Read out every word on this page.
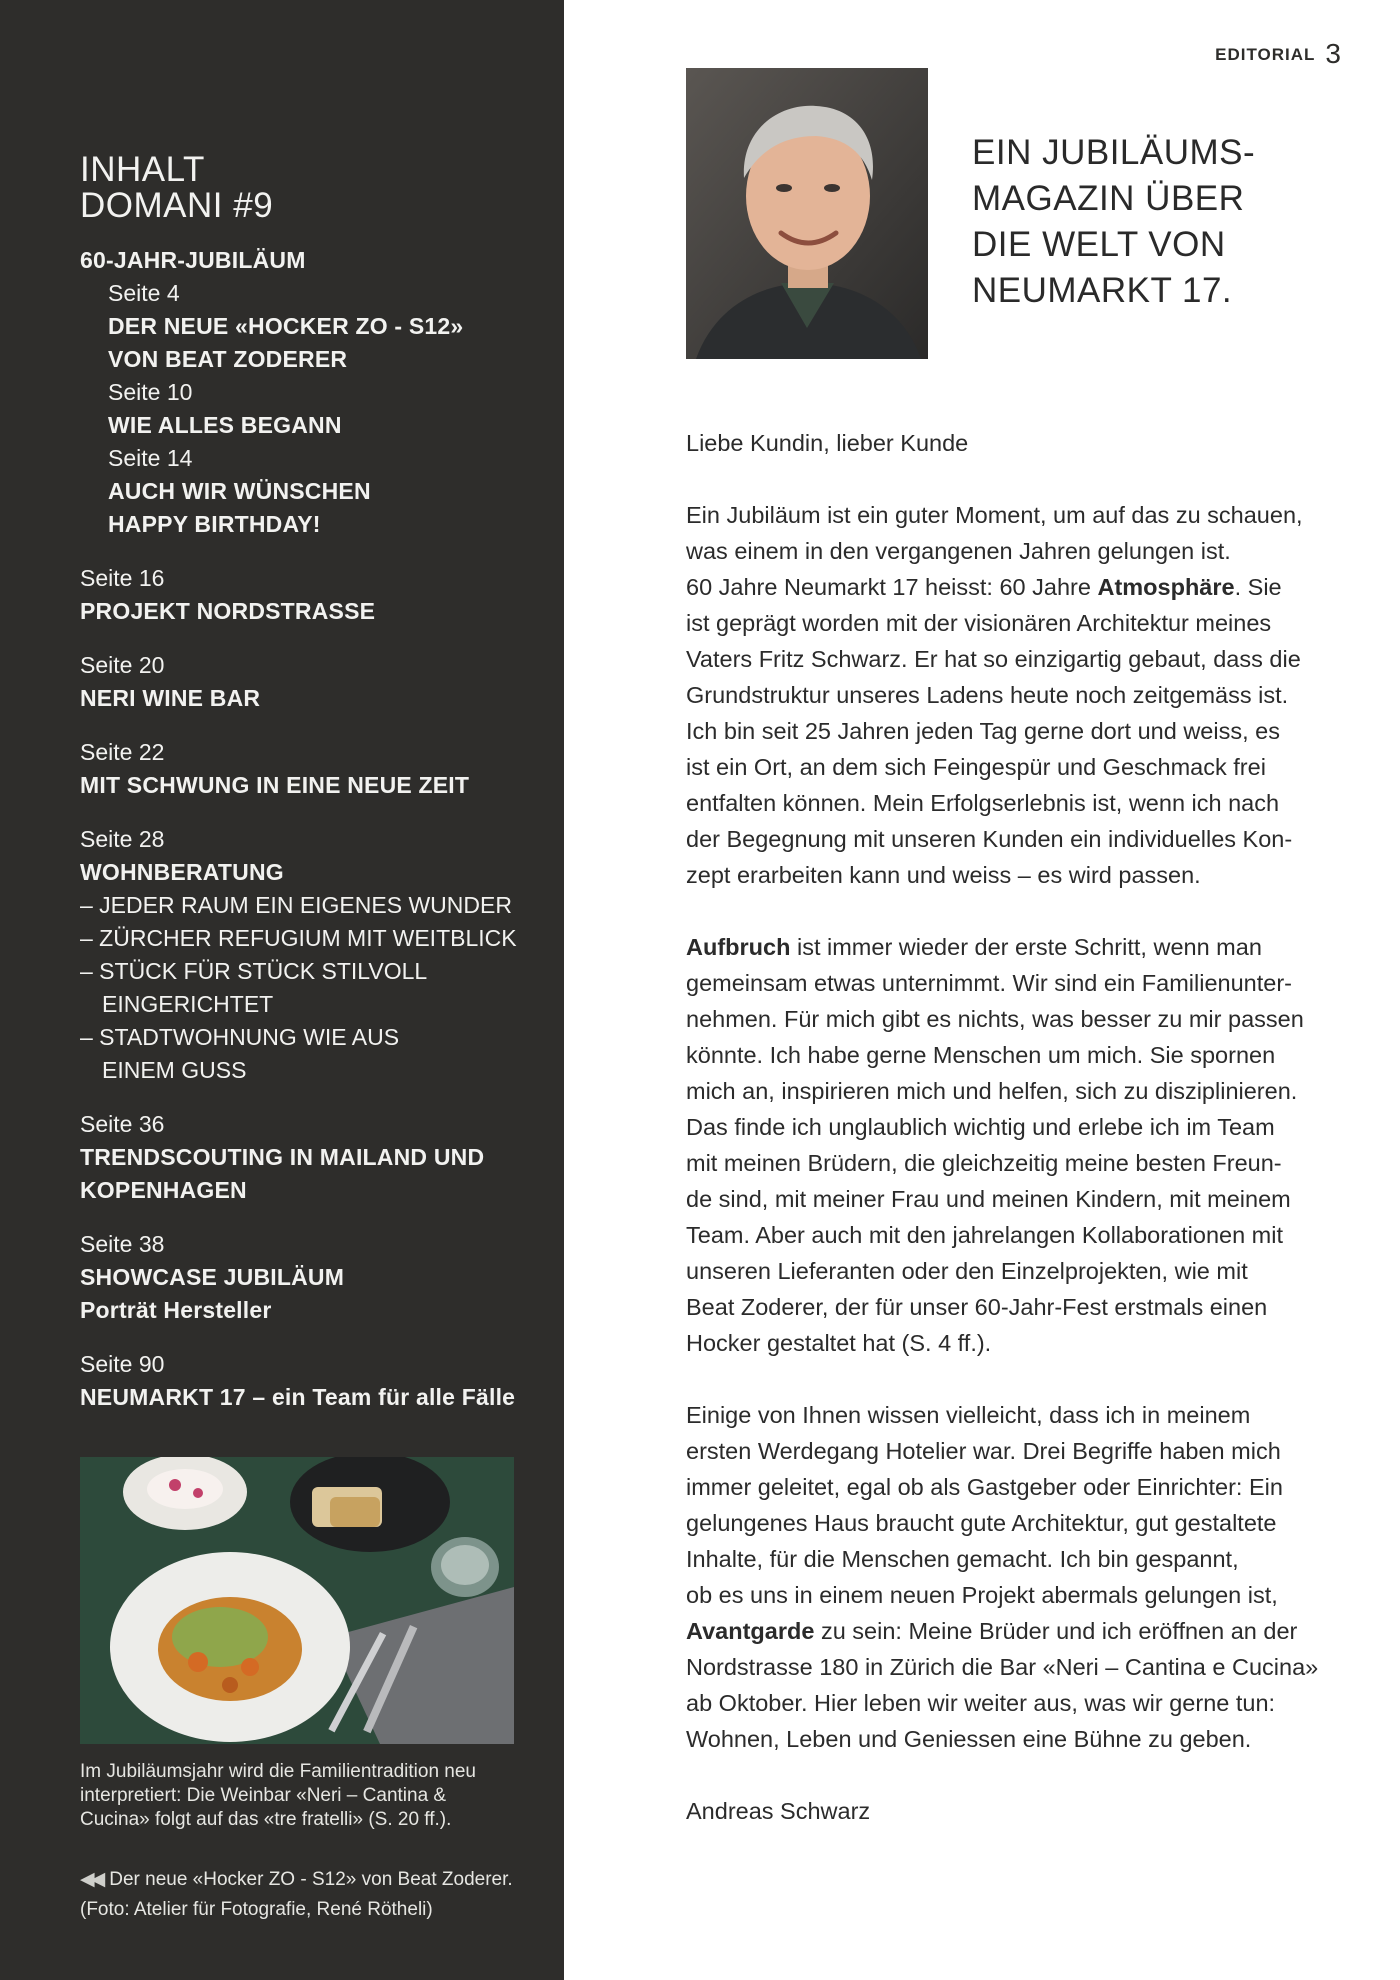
INHALT
DOMANI #9
60-JAHR-JUBILÄUM
Seite 4
DER NEUE «HOCKER ZO - S12»
VON BEAT ZODERER
Seite 10
WIE ALLES BEGANN
Seite 14
AUCH WIR WÜNSCHEN
HAPPY BIRTHDAY!
Seite 16
PROJEKT NORDSTRASSE
Seite 20
NERI WINE BAR
Seite 22
MIT SCHWUNG IN EINE NEUE ZEIT
Seite 28
WOHNBERATUNG
– JEDER RAUM EIN EIGENES WUNDER
– ZÜRCHER REFUGIUM MIT WEITBLICK
– STÜCK FÜR STÜCK STILVOLL
EINGERICHTET
– STADTWOHNUNG WIE AUS
EINEM GUSS
Seite 36
TRENDSCOUTING IN MAILAND UND
KOPENHAGEN
Seite 38
SHOWCASE JUBILÄUM
Porträt Hersteller
Seite 90
NEUMARKT 17 – ein Team für alle Fälle
Im Jubiläumsjahr wird die Familientradition neu
interpretiert: Die Weinbar «Neri – Cantina &
Cucina» folgt auf das «tre fratelli» (S. 20 ff.).
◀◀ Der neue «Hocker ZO - S12» von Beat Zoderer.
(Foto: Atelier für Fotografie, René Rötheli)
EDITORIAL 3
EIN JUBILÄUMS-
MAGAZIN ÜBER
DIE WELT VON
NEUMARKT 17.

Liebe Kundin, lieber Kunde

Ein Jubiläum ist ein guter Moment, um auf das zu schauen,
was einem in den vergangenen Jahren gelungen ist.
60 Jahre Neumarkt 17 heisst: 60 Jahre Atmosphäre. Sie
ist geprägt worden mit der visionären Architektur meines
Vaters Fritz Schwarz. Er hat so einzigartig gebaut, dass die
Grundstruktur unseres Ladens heute noch zeitgemäss ist.
Ich bin seit 25 Jahren jeden Tag gerne dort und weiss, es
ist ein Ort, an dem sich Feingespür und Geschmack frei
entfalten können. Mein Erfolgserlebnis ist, wenn ich nach
der Begegnung mit unseren Kunden ein individuelles Kon-
zept erarbeiten kann und weiss – es wird passen.

Aufbruch ist immer wieder der erste Schritt, wenn man
gemeinsam etwas unternimmt. Wir sind ein Familienunter-
nehmen. Für mich gibt es nichts, was besser zu mir passen
könnte. Ich habe gerne Menschen um mich. Sie spornen
mich an, inspirieren mich und helfen, sich zu disziplinieren.
Das finde ich unglaublich wichtig und erlebe ich im Team
mit meinen Brüdern, die gleichzeitig meine besten Freun-
de sind, mit meiner Frau und meinen Kindern, mit meinem
Team. Aber auch mit den jahrelangen Kollaborationen mit
unseren Lieferanten oder den Einzelprojekten, wie mit
Beat Zoderer, der für unser 60-Jahr-Fest erstmals einen
Hocker gestaltet hat (S. 4 ff.).

Einige von Ihnen wissen vielleicht, dass ich in meinem
ersten Werdegang Hotelier war. Drei Begriffe haben mich
immer geleitet, egal ob als Gastgeber oder Einrichter: Ein
gelungenes Haus braucht gute Architektur, gut gestaltete
Inhalte, für die Menschen gemacht. Ich bin gespannt,
ob es uns in einem neuen Projekt abermals gelungen ist,
Avantgarde zu sein: Meine Brüder und ich eröffnen an der
Nordstrasse 180 in Zürich die Bar «Neri – Cantina e Cucina»
ab Oktober. Hier leben wir weiter aus, was wir gerne tun:
Wohnen, Leben und Geniessen eine Bühne zu geben.

Andreas Schwarz
